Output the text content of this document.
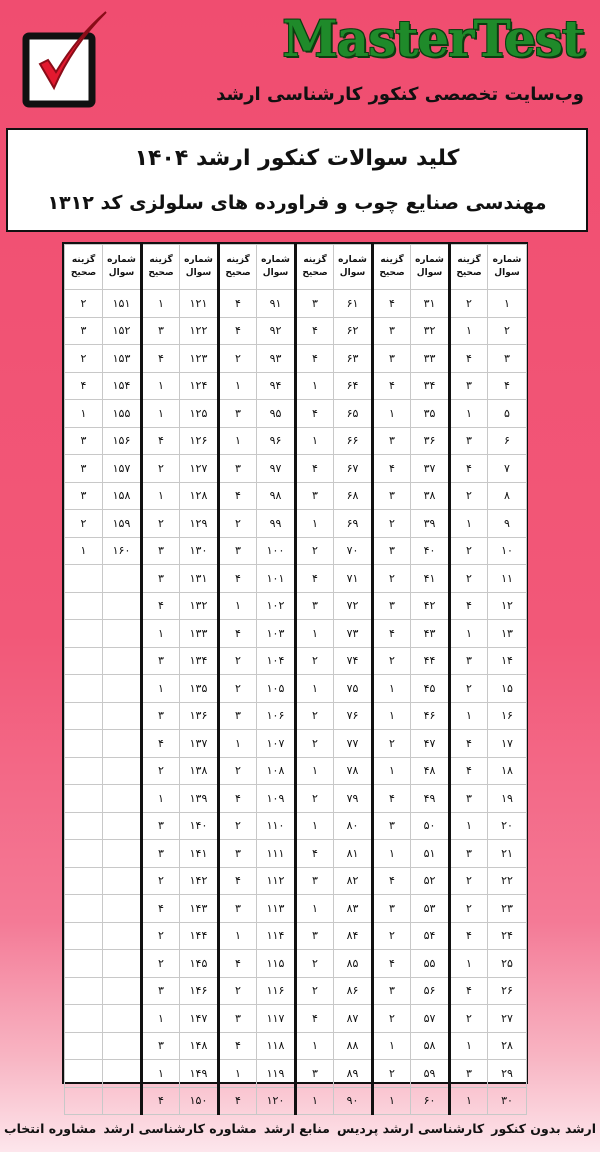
MasterTest
وب‌سایت تخصصی کنکور کارشناسی ارشد
کلید سوالات کنکور ارشد ۱۴۰۴
مهندسی صنایع چوب و فراورده های سلولزی کد ۱۳۱۲
شماره سوال	گزینه صحیح	شماره سوال	گزینه صحیح	شماره سوال	گزینه صحیح	شماره سوال	گزینه صحیح	شماره سوال	گزینه صحیح	شماره سوال	گزینه صحیح
۱	۲	۳۱	۴	۶۱	۳	۹۱	۴	۱۲۱	۱	۱۵۱	۲
۲	۱	۳۲	۳	۶۲	۴	۹۲	۴	۱۲۲	۳	۱۵۲	۳
۳	۴	۳۳	۳	۶۳	۴	۹۳	۲	۱۲۳	۴	۱۵۳	۲
۴	۳	۳۴	۴	۶۴	۱	۹۴	۱	۱۲۴	۱	۱۵۴	۴
۵	۱	۳۵	۱	۶۵	۴	۹۵	۳	۱۲۵	۱	۱۵۵	۱
۶	۳	۳۶	۳	۶۶	۱	۹۶	۱	۱۲۶	۴	۱۵۶	۳
۷	۴	۳۷	۴	۶۷	۴	۹۷	۳	۱۲۷	۲	۱۵۷	۳
۸	۲	۳۸	۳	۶۸	۳	۹۸	۴	۱۲۸	۱	۱۵۸	۳
۹	۱	۳۹	۲	۶۹	۱	۹۹	۲	۱۲۹	۲	۱۵۹	۲
۱۰	۲	۴۰	۳	۷۰	۲	۱۰۰	۳	۱۳۰	۳	۱۶۰	۱
۱۱	۲	۴۱	۲	۷۱	۴	۱۰۱	۴	۱۳۱	۳		
۱۲	۴	۴۲	۳	۷۲	۳	۱۰۲	۱	۱۳۲	۴		
۱۳	۱	۴۳	۴	۷۳	۱	۱۰۳	۴	۱۳۳	۱		
۱۴	۳	۴۴	۲	۷۴	۲	۱۰۴	۲	۱۳۴	۳		
۱۵	۲	۴۵	۱	۷۵	۱	۱۰۵	۲	۱۳۵	۱		
۱۶	۱	۴۶	۱	۷۶	۲	۱۰۶	۳	۱۳۶	۳		
۱۷	۴	۴۷	۲	۷۷	۲	۱۰۷	۱	۱۳۷	۴		
۱۸	۴	۴۸	۱	۷۸	۱	۱۰۸	۲	۱۳۸	۲		
۱۹	۳	۴۹	۴	۷۹	۲	۱۰۹	۴	۱۳۹	۱		
۲۰	۱	۵۰	۳	۸۰	۱	۱۱۰	۲	۱۴۰	۳		
۲۱	۳	۵۱	۱	۸۱	۴	۱۱۱	۳	۱۴۱	۳		
۲۲	۲	۵۲	۴	۸۲	۳	۱۱۲	۴	۱۴۲	۲		
۲۳	۲	۵۳	۳	۸۳	۱	۱۱۳	۳	۱۴۳	۴		
۲۴	۴	۵۴	۲	۸۴	۳	۱۱۴	۱	۱۴۴	۲		
۲۵	۱	۵۵	۴	۸۵	۲	۱۱۵	۴	۱۴۵	۲		
۲۶	۴	۵۶	۳	۸۶	۲	۱۱۶	۲	۱۴۶	۳		
۲۷	۲	۵۷	۲	۸۷	۴	۱۱۷	۳	۱۴۷	۱		
۲۸	۱	۵۸	۱	۸۸	۱	۱۱۸	۴	۱۴۸	۳		
۲۹	۳	۵۹	۲	۸۹	۳	۱۱۹	۱	۱۴۹	۱		
۳۰	۱	۶۰	۱	۹۰	۱	۱۲۰	۴	۱۵۰	۴		
ارشد بدون کنکور
کارشناسی ارشد پردیس
منابع ارشد
مشاوره کارشناسی ارشد
مشاوره انتخاب
